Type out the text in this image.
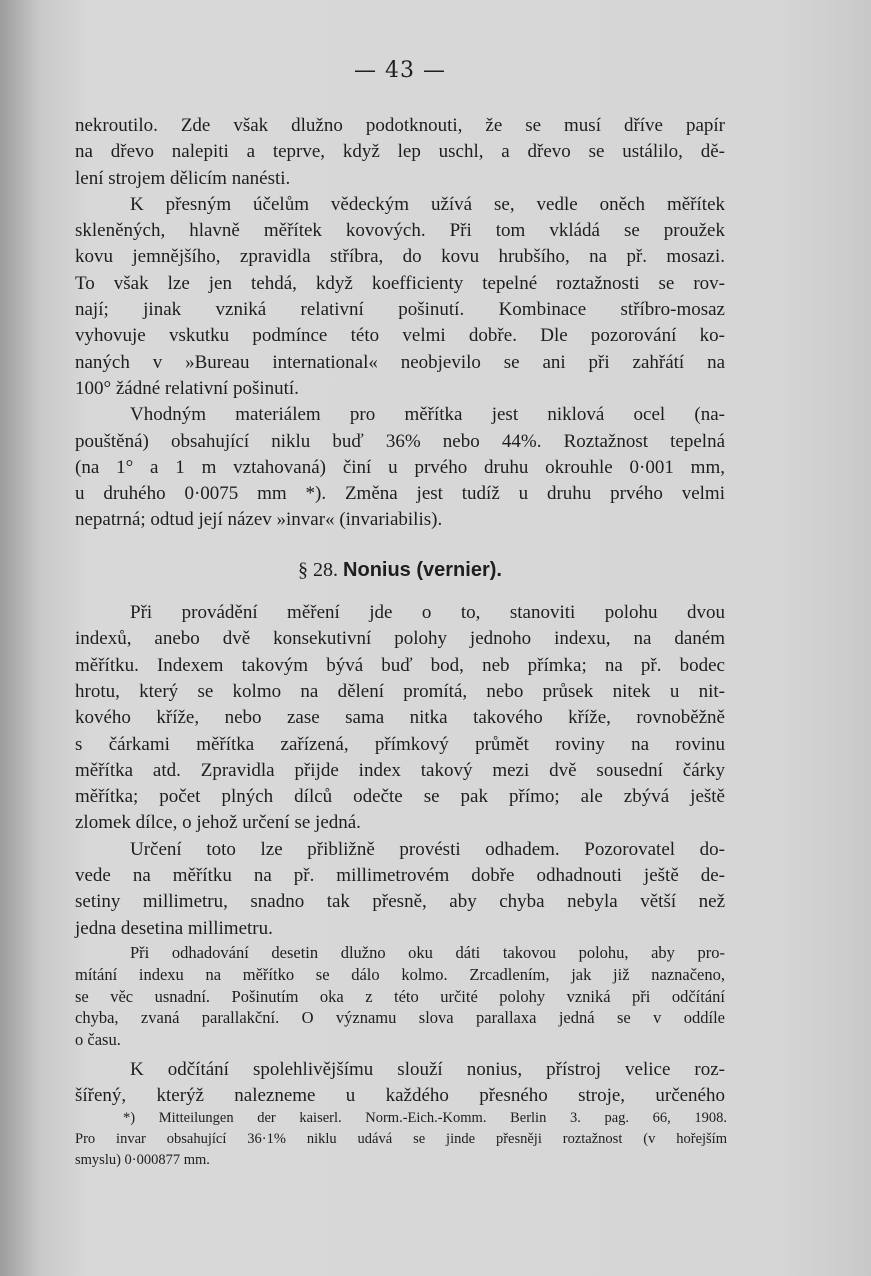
— 43 —
nekroutilo. Zde však dlužno podotknouti, že se musí dříve papír
na dřevo nalepiti a teprve, když lep uschl, a dřevo se ustálilo, dě-
lení strojem dělicím nanésti.
K přesným účelům vědeckým užívá se, vedle oněch měřítek
skleněných, hlavně měřítek kovových. Při tom vkládá se proužek
kovu jemnějšího, zpravidla stříbra, do kovu hrubšího, na př. mosazi.
To však lze jen tehdá, když koefficienty tepelné roztažnosti se rov-
nají; jinak vzniká relativní pošinutí. Kombinace stříbro-mosaz
vyhovuje vskutku podmínce této velmi dobře. Dle pozorování ko-
naných v »Bureau international« neobjevilo se ani při zahřátí na
100° žádné relativní pošinutí.
Vhodným materiálem pro měřítka jest niklová ocel (na-
pouštěná) obsahující niklu buď 36% nebo 44%. Roztažnost tepelná
(na 1° a 1 m vztahovaná) činí u prvého druhu okrouhle 0·001 mm,
u druhého 0·0075 mm *). Změna jest tudíž u druhu prvého velmi
nepatrná; odtud její název »invar« (invariabilis).
§ 28. Nonius (vernier).
Při provádění měření jde o to, stanoviti polohu dvou
indexů, anebo dvě konsekutivní polohy jednoho indexu, na daném
měřítku. Indexem takovým bývá buď bod, neb přímka; na př. bodec
hrotu, který se kolmo na dělení promítá, nebo průsek nitek u nit-
kového kříže, nebo zase sama nitka takového kříže, rovnoběžně
s čárkami měřítka zařízená, přímkový průmět roviny na rovinu
měřítka atd. Zpravidla přijde index takový mezi dvě sousední čárky
měřítka; počet plných dílců odečte se pak přímo; ale zbývá ještě
zlomek dílce, o jehož určení se jedná.
Určení toto lze přibližně provésti odhadem. Pozorovatel do-
vede na měřítku na př. millimetrovém dobře odhadnouti ještě de-
setiny millimetru, snadno tak přesně, aby chyba nebyla větší než
jedna desetina millimetru.
Při odhadování desetin dlužno oku dáti takovou polohu, aby pro-
mítání indexu na měřítko se dálo kolmo. Zrcadlením, jak již naznačeno,
se věc usnadní. Pošinutím oka z této určité polohy vzniká při odčítání
chyba, zvaná parallakční. O významu slova parallaxa jedná se v oddíle
o času.
K odčítání spolehlivějšímu slouží nonius, přístroj velice roz-
šířený, kterýž nalezneme u každého přesného stroje, určeného
*) Mitteilungen der kaiserl. Norm.-Eich.-Komm. Berlin 3. pag. 66, 1908.
Pro invar obsahující 36·1% niklu udává se jinde přesněji roztažnost (v hořejším
smyslu) 0·000877 mm.
